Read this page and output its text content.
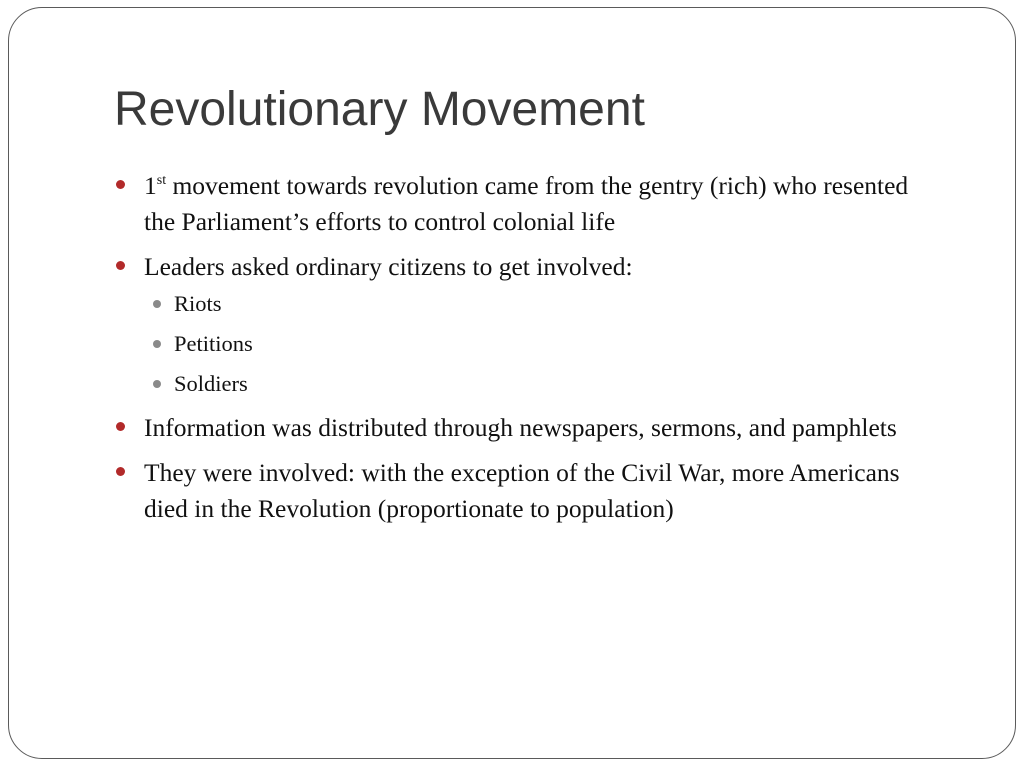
Revolutionary Movement
1st movement towards revolution came from the gentry (rich) who resented the Parliament’s efforts to control colonial life
Leaders asked ordinary citizens to get involved:
Riots
Petitions
Soldiers
Information was distributed through newspapers, sermons, and pamphlets
They were involved: with the exception of the Civil War, more Americans died in the Revolution (proportionate to population)
